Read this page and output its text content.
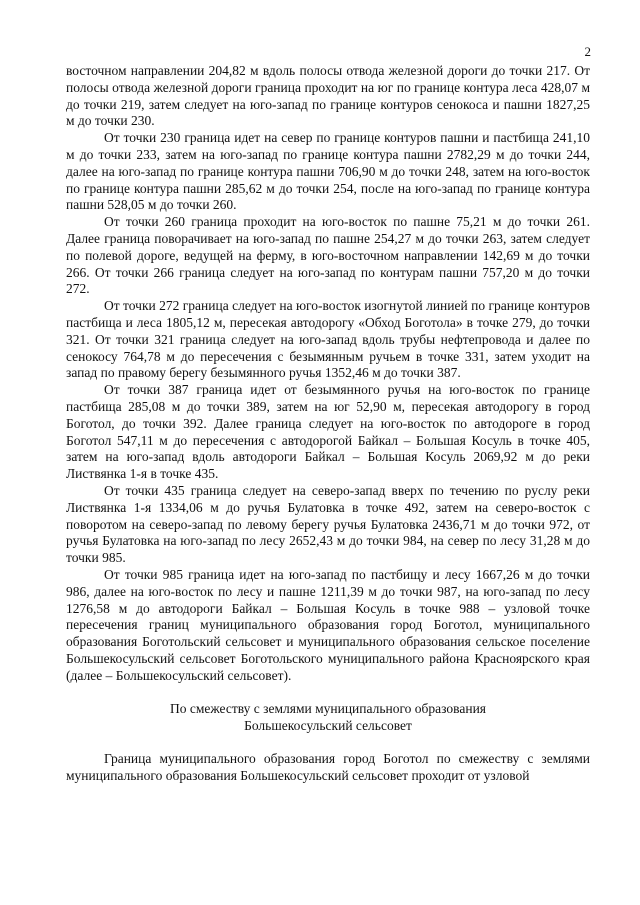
2

восточном направлении 204,82 м вдоль полосы отвода железной дороги до точки 217. От полосы отвода железной дороги граница проходит на юг по границе контура леса 428,07 м до точки 219, затем следует на юго-запад по границе контуров сенокоса и пашни 1827,25 м до точки 230.

От точки 230 граница идет на север по границе контуров пашни и пастбища 241,10 м до точки 233, затем на юго-запад по границе контура пашни 2782,29 м до точки 244, далее на юго-запад по границе контура пашни 706,90 м до точки 248, затем на юго-восток по границе контура пашни 285,62 м до точки 254, после на юго-запад по границе контура пашни 528,05 м до точки 260.

От точки 260 граница проходит на юго-восток по пашне 75,21 м до точки 261. Далее граница поворачивает на юго-запад по пашне 254,27 м до точки 263, затем следует по полевой дороге, ведущей на ферму, в юго-восточном направлении 142,69 м до точки 266. От точки 266 граница следует на юго-запад по контурам пашни 757,20 м до точки 272.

От точки 272 граница следует на юго-восток изогнутой линией по границе контуров пастбища и леса 1805,12 м, пересекая автодорогу «Обход Боготола» в точке 279, до точки 321. От точки 321 граница следует на юго-запад вдоль трубы нефтепровода и далее по сенокосу 764,78 м до пересечения с безымянным ручьем в точке 331, затем уходит на запад по правому берегу безымянного ручья 1352,46 м до точки 387.

От точки 387 граница идет от безымянного ручья на юго-восток по границе пастбища 285,08 м до точки 389, затем на юг 52,90 м, пересекая автодорогу в город Боготол, до точки 392. Далее граница следует на юго-восток по автодороге в город Боготол 547,11 м до пересечения с автодорогой Байкал – Большая Косуль в точке 405, затем на юго-запад вдоль автодороги Байкал – Большая Косуль 2069,92 м до реки Листвянка 1-я в точке 435.

От точки 435 граница следует на северо-запад вверх по течению по руслу реки Листвянка 1-я 1334,06 м до ручья Булатовка в точке 492, затем на северо-восток с поворотом на северо-запад по левому берегу ручья Булатовка 2436,71 м до точки 972, от ручья Булатовка на юго-запад по лесу 2652,43 м до точки 984, на север по лесу 31,28 м до точки 985.

От точки 985 граница идет на юго-запад по пастбищу и лесу 1667,26 м до точки 986, далее на юго-восток по лесу и пашне 1211,39 м до точки 987, на юго-запад по лесу 1276,58 м до автодороги Байкал – Большая Косуль в точке 988 – узловой точке пересечения границ муниципального образования город Боготол, муниципального образования Боготольский сельсовет и муниципального образования сельское поселение Большекосульский сельсовет Боготольского муниципального района Красноярского края (далее – Большекосульский сельсовет).

По смежеству с землями муниципального образования
Большекосульский сельсовет

Граница муниципального образования город Боготол по смежеству с землями муниципального образования Большекосульский сельсовет проходит от узловой
